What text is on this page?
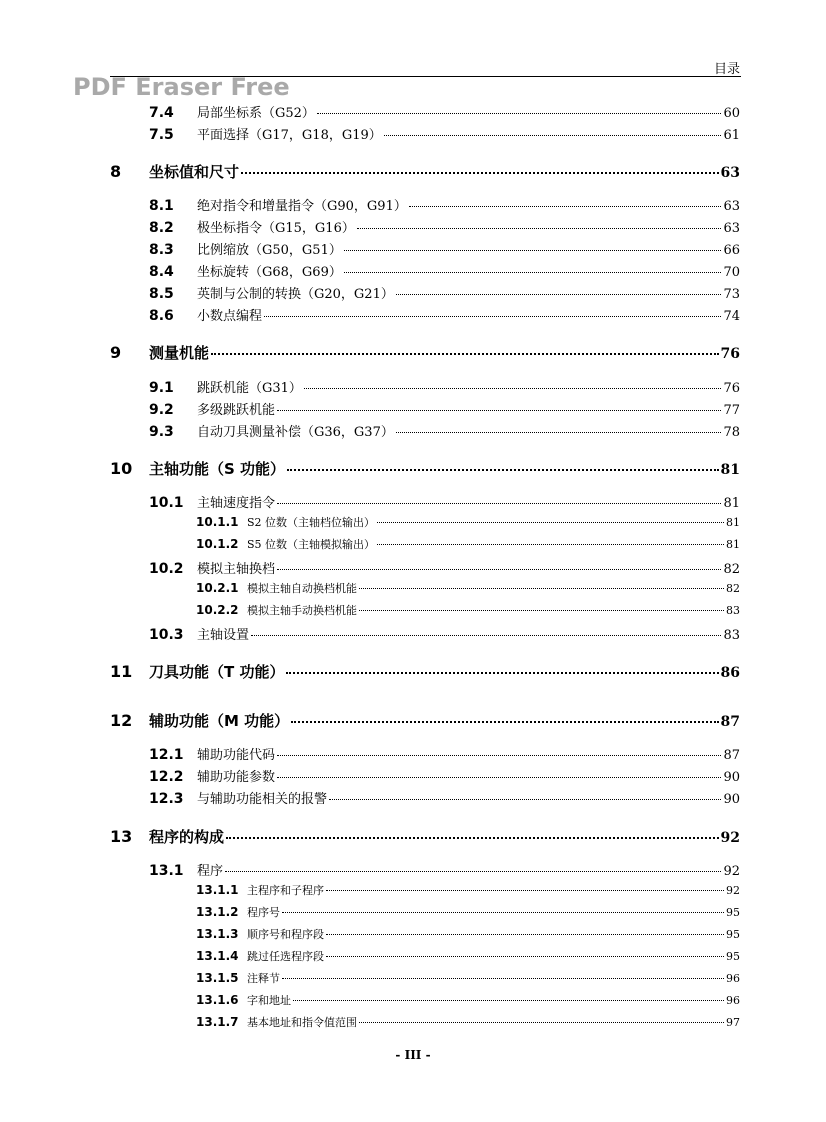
目录
PDF Eraser Free
7.4	局部坐标系（G52）	60
7.5	平面选择（G17，G18，G19）	61
8	坐标值和尺寸	63
8.1	绝对指令和增量指令（G90，G91）	63
8.2	极坐标指令（G15，G16）	63
8.3	比例缩放（G50，G51）	66
8.4	坐标旋转（G68，G69）	70
8.5	英制与公制的转换（G20，G21）	73
8.6	小数点编程	74
9	测量机能	76
9.1	跳跃机能（G31）	76
9.2	多级跳跃机能	77
9.3	自动刀具测量补偿（G36，G37）	78
10	主轴功能（S 功能）	81
10.1	主轴速度指令	81
10.1.1 S2 位数（主轴档位输出）	81
10.1.2 S5 位数（主轴模拟输出）	81
10.2	模拟主轴换档	82
10.2.1 模拟主轴自动换档机能	82
10.2.2 模拟主轴手动换档机能	83
10.3	主轴设置	83
11	刀具功能（T 功能）	86
12	辅助功能（M 功能）	87
12.1	辅助功能代码	87
12.2	辅助功能参数	90
12.3	与辅助功能相关的报警	90
13	程序的构成	92
13.1	程序	92
13.1.1 主程序和子程序	92
13.1.2 程序号	95
13.1.3 顺序号和程序段	95
13.1.4 跳过任选程序段	95
13.1.5 注释节	96
13.1.6 字和地址	96
13.1.7 基本地址和指令值范围	97
- III -
